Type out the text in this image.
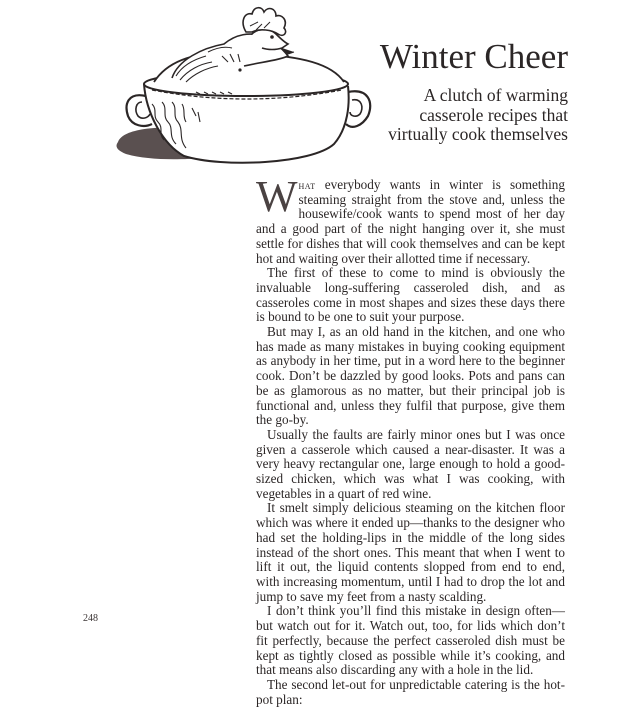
Winter Cheer
A clutch of warming casserole recipes that virtually cook themselves

What everybody wants in winter is something steaming straight from the stove and, unless the housewife/cook wants to spend most of her day and a good part of the night hanging over it, she must settle for dishes that will cook themselves and can be kept hot and waiting over their allotted time if necessary.

The first of these to come to mind is obviously the invaluable long-suffering casseroled dish, and as casseroles come in most shapes and sizes these days there is bound to be one to suit your purpose.

But may I, as an old hand in the kitchen, and one who has made as many mistakes in buying cooking equipment as anybody in her time, put in a word here to the beginner cook. Don’t be dazzled by good looks. Pots and pans can be as glamorous as no matter, but their principal job is functional and, unless they fulfil that purpose, give them the go-by.

Usually the faults are fairly minor ones but I was once given a casserole which caused a near-disaster. It was a very heavy rectangular one, large enough to hold a good-sized chicken, which was what I was cooking, with vegetables in a quart of red wine.

It smelt simply delicious steaming on the kitchen floor which was where it ended up—thanks to the designer who had set the holding-lips in the middle of the long sides instead of the short ones. This meant that when I went to lift it out, the liquid contents slopped from end to end, with increasing momentum, until I had to drop the lot and jump to save my feet from a nasty scalding.

I don’t think you’ll find this mistake in design often—but watch out for it. Watch out, too, for lids which don’t fit perfectly, because the perfect casseroled dish must be kept as tightly closed as possible while it’s cooking, and that means also discarding any with a hole in the lid.

The second let-out for unpredictable catering is the hot-pot plan:

248
